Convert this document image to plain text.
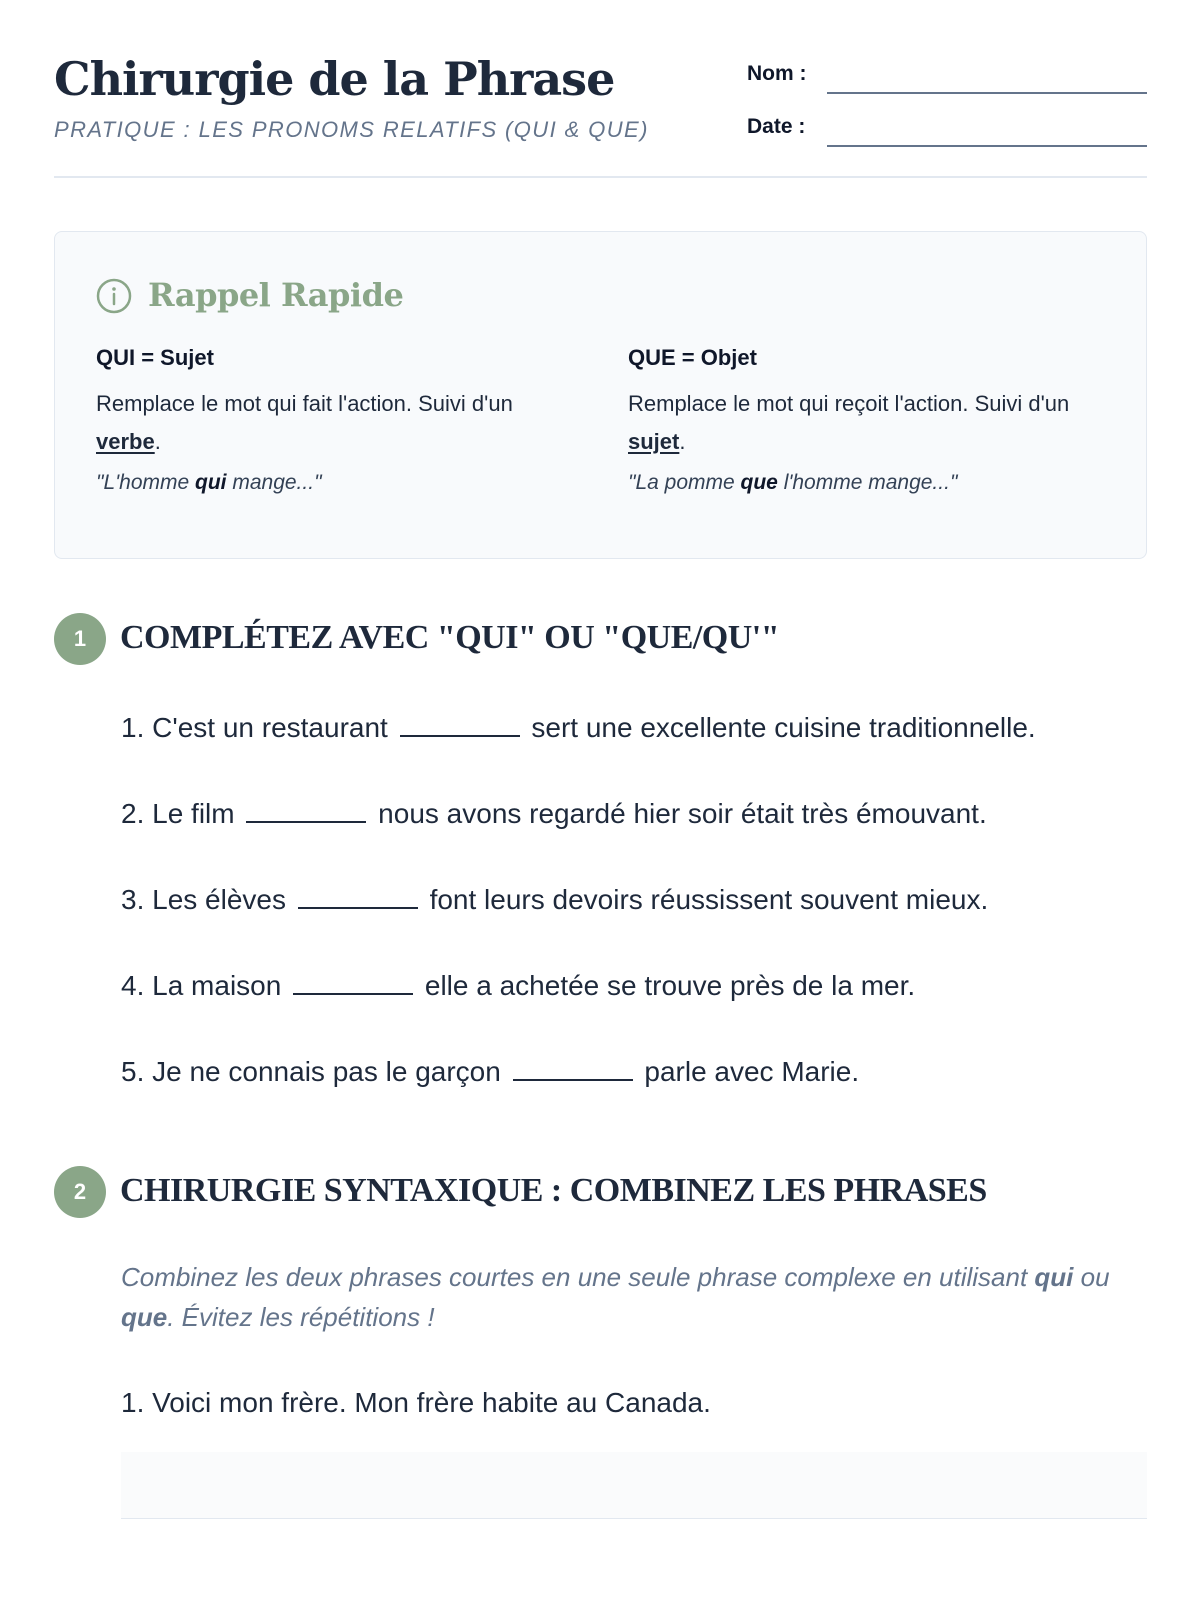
Chirurgie de la Phrase
PRATIQUE : LES PRONOMS RELATIFS (QUI & QUE)
Nom :
Date :
Rappel Rapide
QUI = Sujet

Remplace le mot qui fait l'action. Suivi d'un verbe.

"L'homme qui mange..."

QUE = Objet

Remplace le mot qui reçoit l'action. Suivi d'un sujet.

"La pomme que l'homme mange..."

1 COMPLÉTEZ AVEC "QUI" OU "QUE/QU'"
1. C'est un restaurant	sert une excellente cuisine traditionnelle.
2. Le film	nous avons regardé hier soir était très émouvant.
3. Les élèves	font leurs devoirs réussissent souvent mieux.
4. La maison	elle a achetée se trouve près de la mer.
5. Je ne connais pas le garçon	parle avec Marie.
2 CHIRURGIE SYNTAXIQUE : COMBINEZ LES PHRASES

Combinez les deux phrases courtes en une seule phrase complexe en utilisant qui ou que. Évitez les répétitions !

1. Voici mon frère. Mon frère habite au Canada.
